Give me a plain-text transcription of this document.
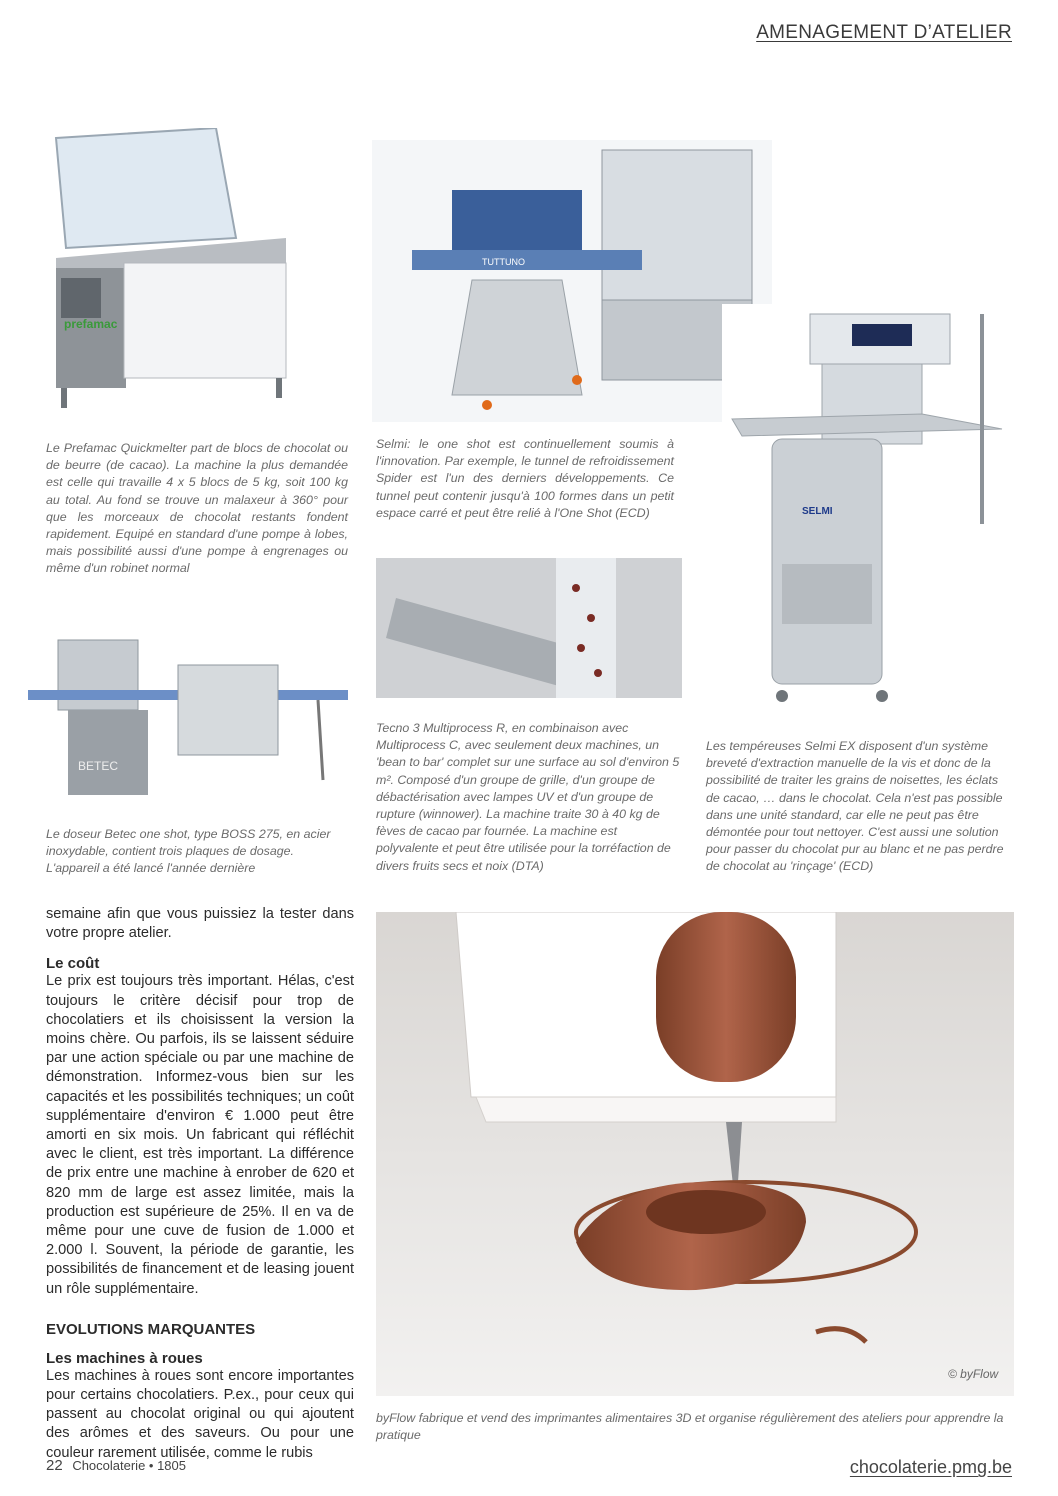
AMENAGEMENT D’ATELIER
prefamac
TUTTUNO
Le Prefamac Quickmelter part de blocs de chocolat ou de beurre (de cacao). La machine la plus demandée est celle qui travaille 4 x 5 blocs de 5 kg, soit 100 kg au total. Au fond se trouve un malaxeur à 360° pour que les morceaux de chocolat restants fondent rapidement. Equipé en standard d'une pompe à lobes, mais possibilité aussi d'une pompe à engrenages ou même d'un robinet normal
Selmi: le one shot est continuellement soumis à l'innovation. Par exemple, le tunnel de refroidissement Spider est l'un des derniers développements. Ce tunnel peut contenir jusqu'à 100 formes dans un petit espace carré et peut être relié à l'One Shot (ECD)	SELMI
BETEC
Tecno 3 Multiprocess R, en combinaison avec Multiprocess C, avec seulement deux machines, un 'bean to bar' complet sur une surface au sol d'environ 5 m². Composé d'un groupe de grille, d'un groupe de débactérisation avec lampes UV et d'un groupe de rupture (winnower). La machine traite 30 à 40 kg de fèves de cacao par fournée. La machine est polyvalente et peut être utilisée pour la torréfaction de divers fruits secs et noix (DTA)
Les tempéreuses Selmi EX disposent d'un système breveté d'extraction manuelle de la vis et donc de la possibilité de traiter les grains de noisettes, les éclats de cacao, … dans le chocolat. Cela n'est pas possible dans une unité standard, car elle ne peut pas être démontée pour tout nettoyer. C'est aussi une solution pour passer du chocolat pur au blanc et ne pas perdre de chocolat au 'rinçage' (ECD)
Le doseur Betec one shot, type BOSS 275, en acier inoxydable, contient trois plaques de dosage. L'appareil a été lancé l'année dernière
semaine afin que vous puissiez la tester dans votre propre atelier.
Le coût
Le prix est toujours très important. Hélas, c'est toujours le critère décisif pour trop de chocolatiers et ils choisissent la version la moins chère. Ou parfois, ils se laissent séduire par une action spéciale ou par une machine de démonstration. Informez-vous bien sur les capacités et les possibilités techniques; un coût supplémentaire d'environ € 1.000 peut être amorti en six mois. Un fabricant qui réfléchit avec le client, est très important. La différence de prix entre une machine à enrober de 620 et 820 mm de large est assez limitée, mais la production est supérieure de 25%. Il en va de même pour une cuve de fusion de 1.000 et 2.000 l. Souvent, la période de garantie, les possibilités de financement et de leasing jouent un rôle supplémentaire.
EVOLUTIONS MARQUANTES
Les machines à roues
Les machines à roues sont encore importantes pour certains chocolatiers. P.ex., pour ceux qui passent au chocolat original ou qui ajoutent des arômes et des saveurs. Ou pour une couleur rarement utilisée, comme le rubis
© byFlow
byFlow fabrique et vend des imprimantes alimentaires 3D et organise régulièrement des ateliers pour apprendre la pratique
22 Chocolaterie • 1805	chocolaterie.pmg.be
